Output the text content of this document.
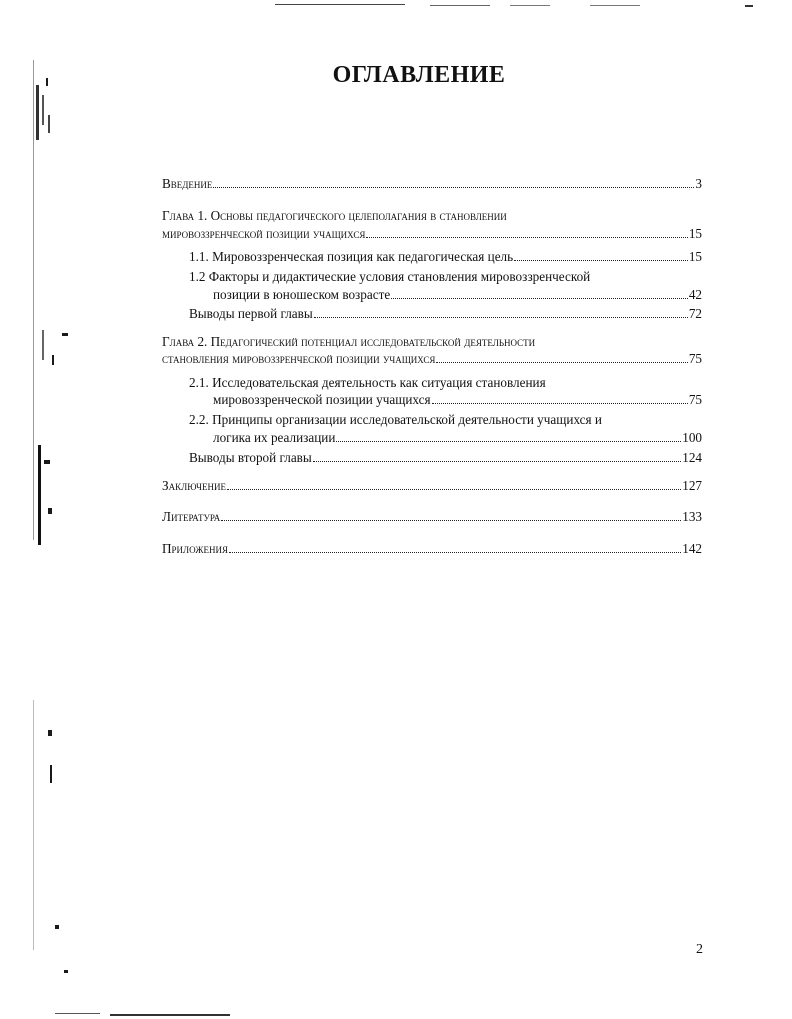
ОГЛАВЛЕНИЕ
Введение	3
Глава 1. Основы педагогического целеполагания в становлении
мировоззренческой позиции учащихся	15
1.1. Мировоззренческая позиция как педагогическая цель	15
1.2 Факторы и дидактические условия становления мировоззренческой
позиции в юношеском возрасте	42
Выводы первой главы	72
Глава 2. Педагогический потенциал исследовательской деятельности
становления мировоззренческой позиции учащихся	75
2.1. Исследовательская деятельность как ситуация становления
мировоззренческой позиции учащихся	75
2.2. Принципы организации исследовательской деятельности учащихся и
логика их реализации	100
Выводы второй главы	124
Заключение	127
Литература	133
Приложения	142
2
